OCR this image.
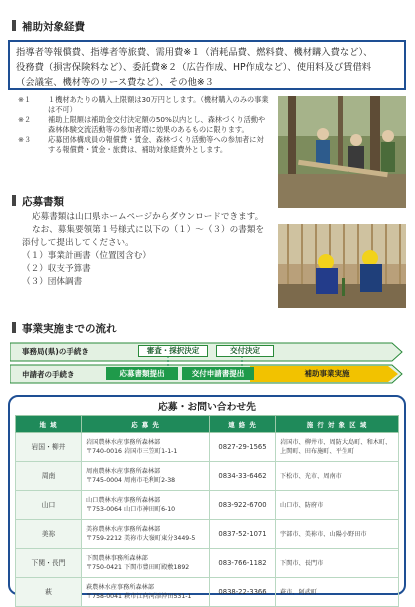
補助対象経費
指導者等報償費、指導者等旅費、需用費※１（消耗品費、燃料費、機材購入費など）、
役務費（損害保険料など）、委託費※２（広告作成、HP作成など）、使用料及び賃借料
（会議室、機材等のリース費など）、その他※３
※１	１機材あたりの購入上限額は30万円とします。（機材購入のみの事業は不可）
※２	補助上限額は補助金交付決定額の50%以内とし、森林づくり活動や森林体験交流活動等の参加者増に効果のあるものに限ります。
※３	応募団体構成員の報償費・賃金、森林づくり活動等への参加者に対する報償費・賃金・旅費は、補助対象経費外とします。
応募書類
応募書類は山口県ホームページからダウンロードできます。
なお、募集要領第１号様式に以下の（１）～（３）の書類を添付して提出してください。
（１）事業計画書（位置図含む）
（２）収支予算書
（３）団体調書
事業実施までの流れ
事務局(県)の手続き
申請者の手続き
審査・採択決定	交付決定
応募書類提出	交付申請書提出	補助事業実施
応募・お問い合わせ先
地 域	応 募 先	連 絡 先	施 行 対 象 区 域
岩国・柳井	岩国農林水産事務所森林部
〒740-0016 岩国市三笠町1-1-1	0827-29-1565	岩国市、柳井市、周防大島町、和木町、上関町、田布施町、平生町
周南	周南農林水産事務所森林部
〒745-0004 周南市毛利町2-38	0834-33-6462	下松市、光市、周南市
山口	山口農林水産事務所森林部
〒753-0064 山口市神田町6-10	083-922-6700	山口市、防府市
美祢	美祢農林水産事務所森林部
〒759-2212 美祢市大嶺町東分3449-5	0837-52-1071	宇部市、美祢市、山陽小野田市
下関・長門	下関農林事務所森林部
〒750-0421 下関市豊田町殿敷1892	083-766-1182	下関市、長門市
萩	萩農林水産事務所森林部
〒758-0041 萩市江向河添沖田531-1	0838-22-3366	萩市、阿武町
